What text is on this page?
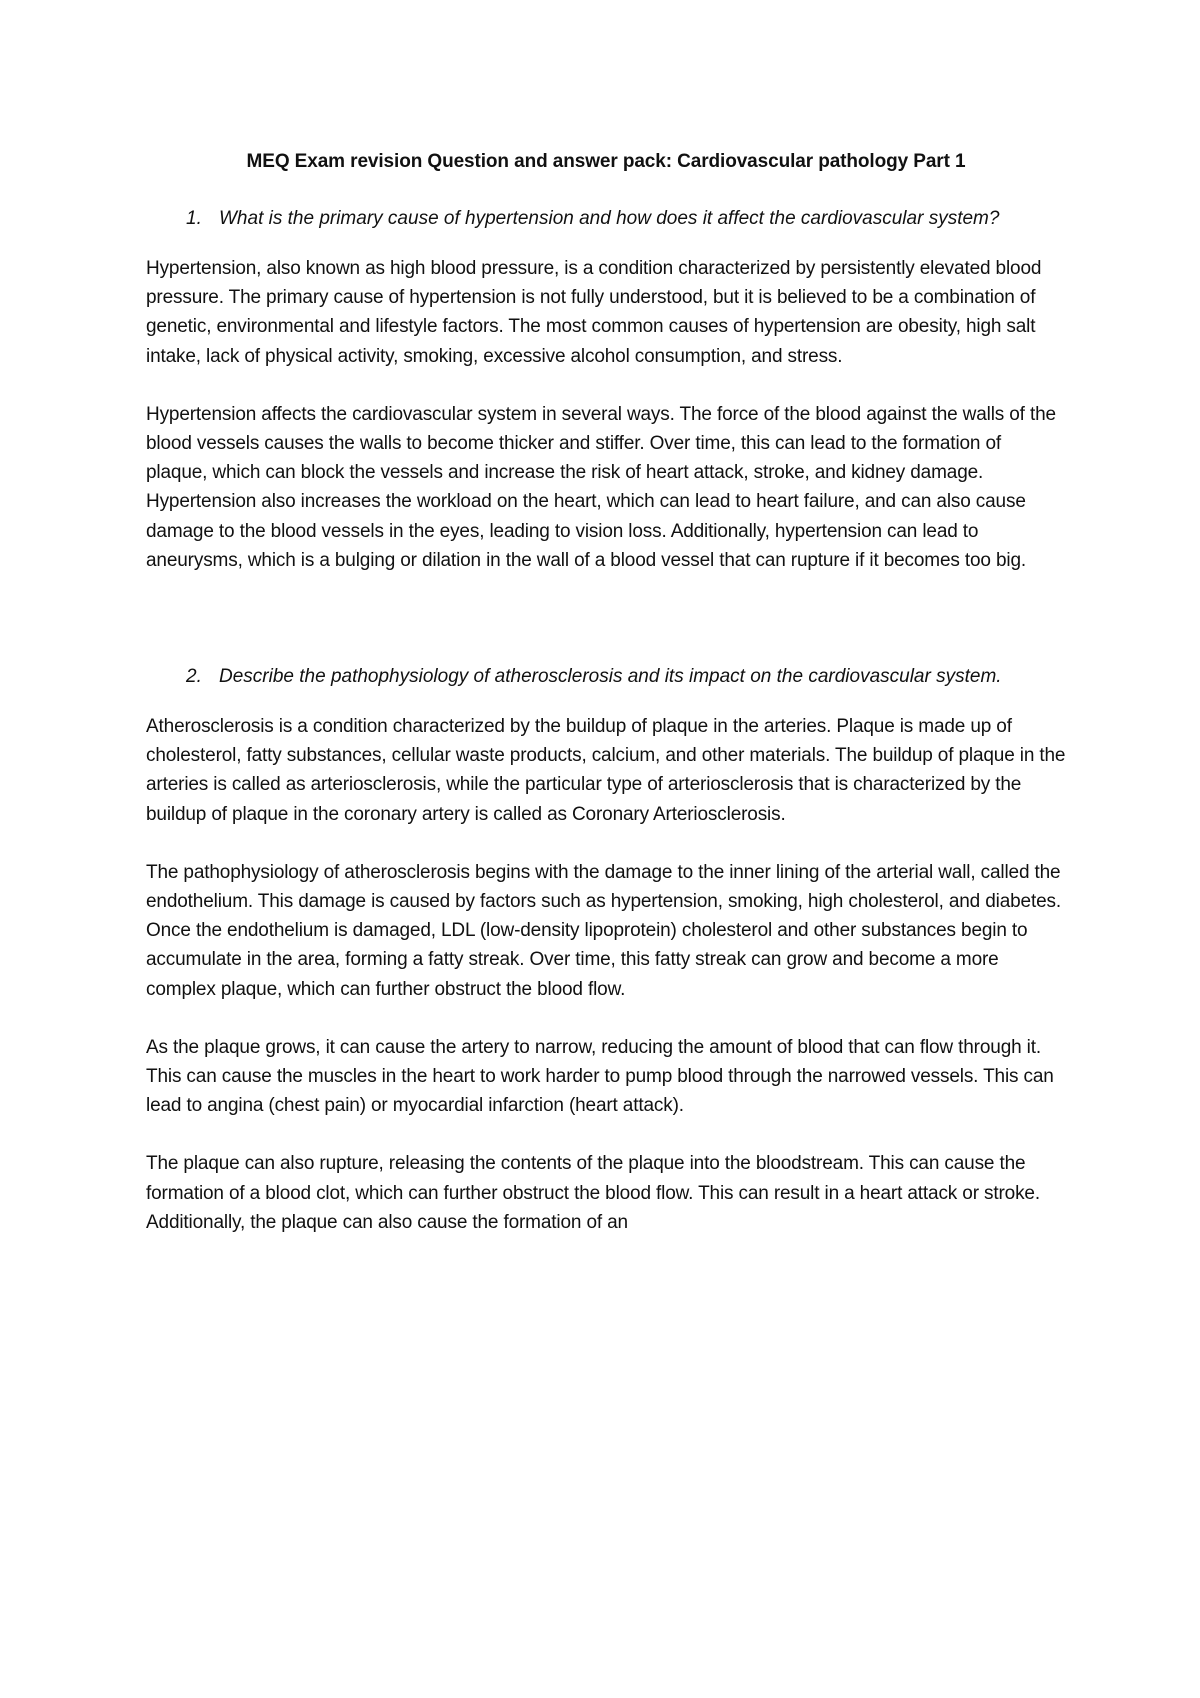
MEQ Exam revision Question and answer pack: Cardiovascular pathology Part 1
1. What is the primary cause of hypertension and how does it affect the cardiovascular system?

Hypertension, also known as high blood pressure, is a condition characterized by persistently elevated blood pressure. The primary cause of hypertension is not fully understood, but it is believed to be a combination of genetic, environmental and lifestyle factors. The most common causes of hypertension are obesity, high salt intake, lack of physical activity, smoking, excessive alcohol consumption, and stress.

Hypertension affects the cardiovascular system in several ways. The force of the blood against the walls of the blood vessels causes the walls to become thicker and stiffer. Over time, this can lead to the formation of plaque, which can block the vessels and increase the risk of heart attack, stroke, and kidney damage. Hypertension also increases the workload on the heart, which can lead to heart failure, and can also cause damage to the blood vessels in the eyes, leading to vision loss. Additionally, hypertension can lead to aneurysms, which is a bulging or dilation in the wall of a blood vessel that can rupture if it becomes too big.

2. Describe the pathophysiology of atherosclerosis and its impact on the cardiovascular system.

Atherosclerosis is a condition characterized by the buildup of plaque in the arteries. Plaque is made up of cholesterol, fatty substances, cellular waste products, calcium, and other materials. The buildup of plaque in the arteries is called as arteriosclerosis, while the particular type of arteriosclerosis that is characterized by the buildup of plaque in the coronary artery is called as Coronary Arteriosclerosis.

The pathophysiology of atherosclerosis begins with the damage to the inner lining of the arterial wall, called the endothelium. This damage is caused by factors such as hypertension, smoking, high cholesterol, and diabetes. Once the endothelium is damaged, LDL (low-density lipoprotein) cholesterol and other substances begin to accumulate in the area, forming a fatty streak. Over time, this fatty streak can grow and become a more complex plaque, which can further obstruct the blood flow.

As the plaque grows, it can cause the artery to narrow, reducing the amount of blood that can flow through it. This can cause the muscles in the heart to work harder to pump blood through the narrowed vessels. This can lead to angina (chest pain) or myocardial infarction (heart attack).

The plaque can also rupture, releasing the contents of the plaque into the bloodstream. This can cause the formation of a blood clot, which can further obstruct the blood flow. This can result in a heart attack or stroke. Additionally, the plaque can also cause the formation of an
